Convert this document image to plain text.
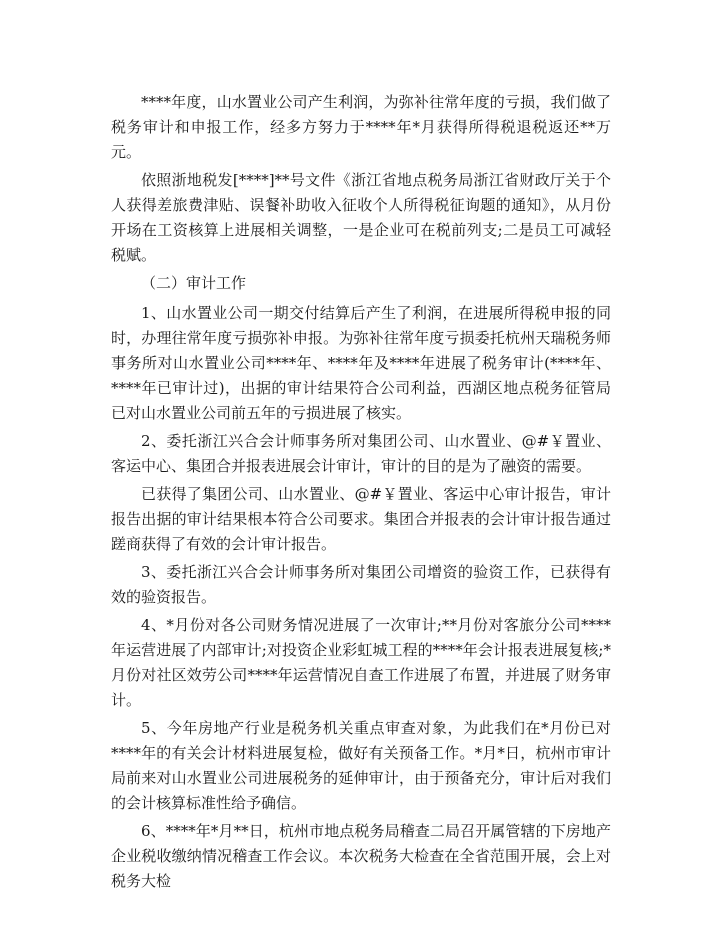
****年度，山水置业公司产生利润，为弥补往常年度的亏损，我们做了税务审计和申报工作，经多方努力于****年*月获得所得税退税返还**万元。

依照浙地税发[****]**号文件《浙江省地点税务局浙江省财政厅关于个人获得差旅费津贴、误餐补助收入征收个人所得税征询题的通知》，从月份开场在工资核算上进展相关调整，一是企业可在税前列支;二是员工可减轻税赋。

（二）审计工作

1、山水置业公司一期交付结算后产生了利润，在进展所得税申报的同时，办理往常年度亏损弥补申报。为弥补往常年度亏损委托杭州天瑞税务师事务所对山水置业公司****年、****年及****年进展了税务审计(****年、****年已审计过)，出据的审计结果符合公司利益，西湖区地点税务征管局已对山水置业公司前五年的亏损进展了核实。

2、委托浙江兴合会计师事务所对集团公司、山水置业、@#￥置业、客运中心、集团合并报表进展会计审计，审计的目的是为了融资的需要。

已获得了集团公司、山水置业、@#￥置业、客运中心审计报告，审计报告出据的审计结果根本符合公司要求。集团合并报表的会计审计报告通过蹉商获得了有效的会计审计报告。

3、委托浙江兴合会计师事务所对集团公司增资的验资工作，已获得有效的验资报告。

4、*月份对各公司财务情况进展了一次审计;**月份对客旅分公司****年运营进展了内部审计;对投资企业彩虹城工程的****年会计报表进展复核;*月份对社区效劳公司****年运营情况自查工作进展了布置，并进展了财务审计。

5、今年房地产行业是税务机关重点审查对象，为此我们在*月份已对****年的有关会计材料进展复检，做好有关预备工作。*月*日，杭州市审计局前来对山水置业公司进展税务的延伸审计，由于预备充分，审计后对我们的会计核算标准性给予确信。

6、****年*月**日，杭州市地点税务局稽查二局召开属管辖的下房地产企业税收缴纳情况稽查工作会议。本次税务大检查在全省范围开展，会上对税务大检
